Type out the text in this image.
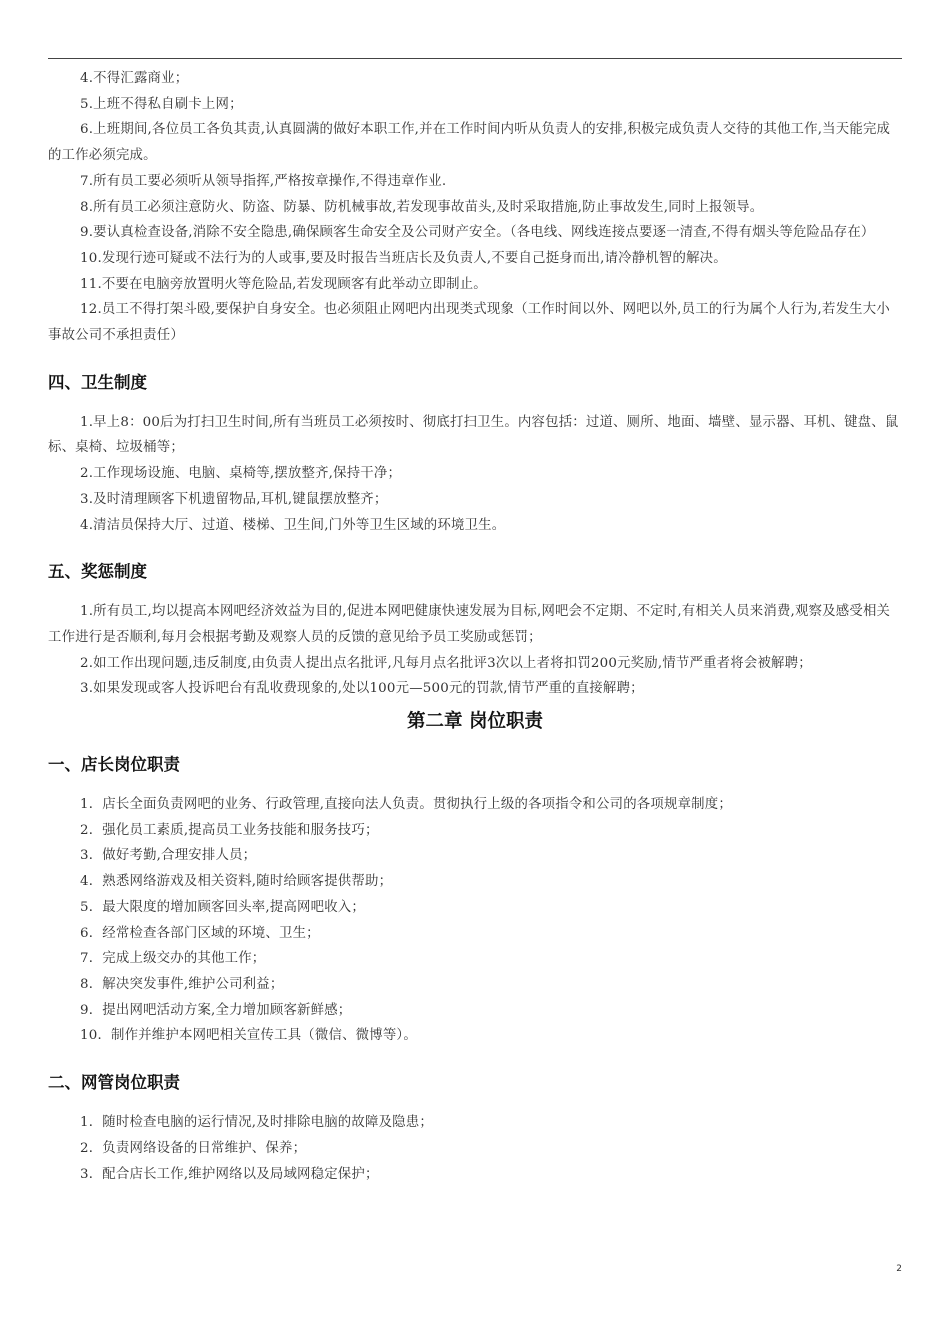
4.不得汇露商业；

5.上班不得私自刷卡上网；

6.上班期间,各位员工各负其责,认真圆满的做好本职工作,并在工作时间内听从负责人的安排,积极完成负责人交待的其他工作,当天能完成的工作必须完成。

7.所有员工要必须听从领导指挥,严格按章操作,不得违章作业.

8.所有员工必须注意防火、防盗、防暴、防机械事故,若发现事故苗头,及时采取措施,防止事故发生,同时上报领导。

9.要认真检查设备,消除不安全隐患,确保顾客生命安全及公司财产安全。（各电线、网线连接点要逐一清查,不得有烟头等危险品存在）

10.发现行迹可疑或不法行为的人或事,要及时报告当班店长及负责人,不要自己挺身而出,请冷静机智的解决。

11.不要在电脑旁放置明火等危险品,若发现顾客有此举动立即制止。

12.员工不得打架斗殴,要保护自身安全。也必须阻止网吧内出现类式现象（工作时间以外、网吧以外,员工的行为属个人行为,若发生大小事故公司不承担责任）

四、卫生制度

1.早上8：00后为打扫卫生时间,所有当班员工必须按时、彻底打扫卫生。内容包括：过道、厕所、地面、墙壁、显示器、耳机、键盘、鼠标、桌椅、垃圾桶等；

2.工作现场设施、电脑、桌椅等,摆放整齐,保持干净；

3.及时清理顾客下机遗留物品,耳机,键鼠摆放整齐；

4.清洁员保持大厅、过道、楼梯、卫生间,门外等卫生区域的环境卫生。

五、奖惩制度

1.所有员工,均以提高本网吧经济效益为目的,促进本网吧健康快速发展为目标,网吧会不定期、不定时,有相关人员来消费,观察及感受相关工作进行是否顺利,每月会根据考勤及观察人员的反馈的意见给予员工奖励或惩罚；

2.如工作出现问题,违反制度,由负责人提出点名批评,凡每月点名批评3次以上者将扣罚200元奖励,情节严重者将会被解聘；

3.如果发现或客人投诉吧台有乱收费现象的,处以100元—500元的罚款,情节严重的直接解聘；

第二章 岗位职责
一、店长岗位职责

1．店长全面负责网吧的业务、行政管理,直接向法人负责。贯彻执行上级的各项指令和公司的各项规章制度；

2．强化员工素质,提高员工业务技能和服务技巧；

3．做好考勤,合理安排人员；

4．熟悉网络游戏及相关资料,随时给顾客提供帮助；

5．最大限度的增加顾客回头率,提高网吧收入；

6．经常检查各部门区域的环境、卫生；

7．完成上级交办的其他工作；

8．解决突发事件,维护公司利益；

9．提出网吧活动方案,全力增加顾客新鲜感；

10．制作并维护本网吧相关宣传工具（微信、微博等）。

二、网管岗位职责

1．随时检查电脑的运行情况,及时排除电脑的故障及隐患；

2．负责网络设备的日常维护、保养；

3．配合店长工作,维护网络以及局域网稳定保护；

2
